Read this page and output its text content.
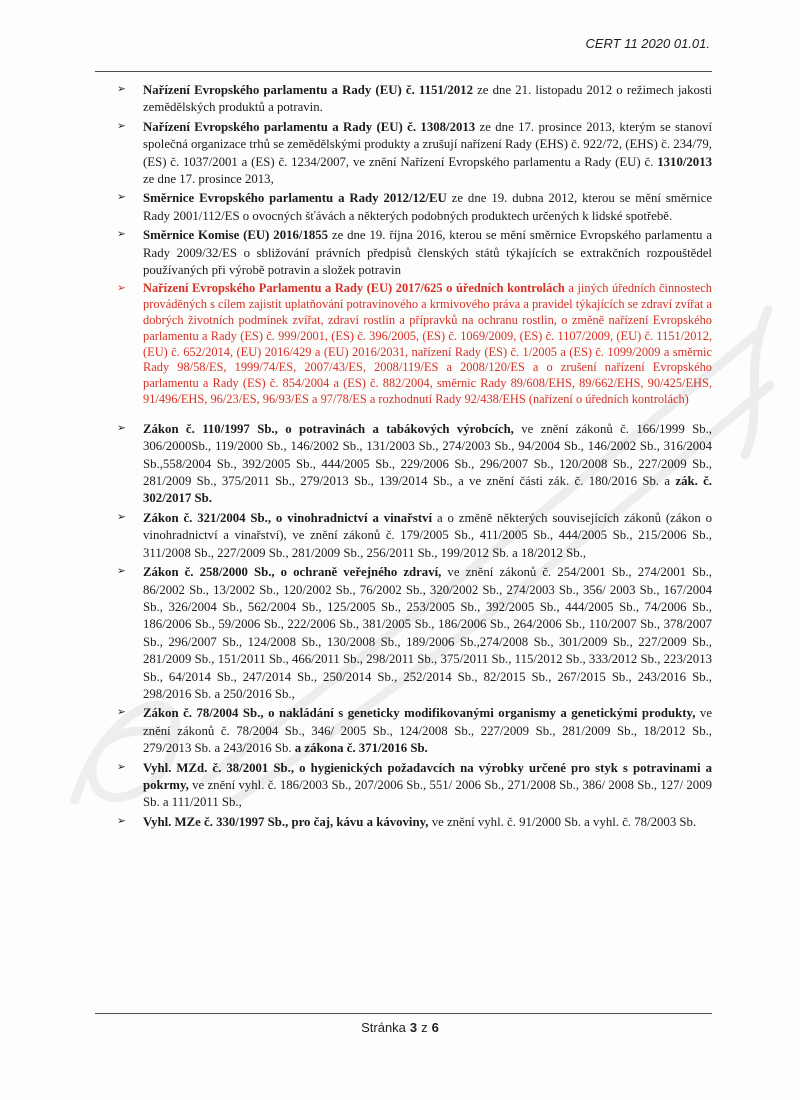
CERT 11 2020 01.01.
➢ Nařízení Evropského parlamentu a Rady (EU) č. 1151/2012 ze dne 21. listopadu 2012 o režimech jakosti zemědělských produktů a potravin.
➢ Nařízení Evropského parlamentu a Rady (EU) č. 1308/2013 ze dne 17. prosince 2013, kterým se stanoví společná organizace trhů se zemědělskými produkty a zrušují nařízení Rady (EHS) č. 922/72, (EHS) č. 234/79, (ES) č. 1037/2001 a (ES) č. 1234/2007, ve znění Nařízení Evropského parlamentu a Rady (EU) č. 1310/2013 ze dne 17. prosince 2013,
➢ Směrnice Evropského parlamentu a Rady 2012/12/EU ze dne 19. dubna 2012, kterou se mění směrnice Rady 2001/112/ES o ovocných šťávách a některých podobných produktech určených k lidské spotřebě.
➢ Směrnice Komise (EU) 2016/1855 ze dne 19. října 2016, kterou se mění směrnice Evropského parlamentu a Rady 2009/32/ES o sbližování právních předpisů členských států týkajících se extrakčních rozpouštědel používaných při výrobě potravin a složek potravin
➢ Nařízení Evropského Parlamentu a Rady (EU) 2017/625 o úředních kontrolách a jiných úředních činnostech prováděných s cílem zajistit uplatňování potravinového a krmivového práva a pravidel týkajících se zdraví zvířat a dobrých životních podmínek zvířat, zdraví rostlin a přípravků na ochranu rostlin, o změně nařízení Evropského parlamentu a Rady (ES) č. 999/2001, (ES) č. 396/2005, (ES) č. 1069/2009, (ES) č. 1107/2009, (EU) č. 1151/2012, (EU) č. 652/2014, (EU) 2016/429 a (EU) 2016/2031, nařízení Rady (ES) č. 1/2005 a (ES) č. 1099/2009 a směrnic Rady 98/58/ES, 1999/74/ES, 2007/43/ES, 2008/119/ES a 2008/120/ES a o zrušení nařízení Evropského parlamentu a Rady (ES) č. 854/2004 a (ES) č. 882/2004, směrnic Rady 89/608/EHS, 89/662/EHS, 90/425/EHS, 91/496/EHS, 96/23/ES, 96/93/ES a 97/78/ES a rozhodnutí Rady 92/438/EHS (nařízení o úředních kontrolách)
➢ Zákon č. 110/1997 Sb., o potravinách a tabákových výrobcích, ve znění zákonů č. 166/1999 Sb., 306/2000Sb., 119/2000 Sb., 146/2002 Sb., 131/2003 Sb., 274/2003 Sb., 94/2004 Sb., 146/2002 Sb., 316/2004 Sb.,558/2004 Sb., 392/2005 Sb., 444/2005 Sb., 229/2006 Sb., 296/2007 Sb., 120/2008 Sb., 227/2009 Sb., 281/2009 Sb., 375/2011 Sb., 279/2013 Sb., 139/2014 Sb., a ve znění části zák. č. 180/2016 Sb. a zák. č. 302/2017 Sb.
➢ Zákon č. 321/2004 Sb., o vinohradnictví a vinařství a o změně některých souvisejících zákonů (zákon o vinohradnictví a vinařství), ve znění zákonů č. 179/2005 Sb., 411/2005 Sb., 444/2005 Sb., 215/2006 Sb., 311/2008 Sb., 227/2009 Sb., 281/2009 Sb., 256/2011 Sb., 199/2012 Sb. a 18/2012 Sb.,
➢ Zákon č. 258/2000 Sb., o ochraně veřejného zdraví, ve znění zákonů č. 254/2001 Sb., 274/2001 Sb., 86/2002 Sb., 13/2002 Sb., 120/2002 Sb., 76/2002 Sb., 320/2002 Sb., 274/2003 Sb., 356/ 2003 Sb., 167/2004 Sb., 326/2004 Sb., 562/2004 Sb., 125/2005 Sb., 253/2005 Sb., 392/2005 Sb., 444/2005 Sb., 74/2006 Sb., 186/2006 Sb., 59/2006 Sb., 222/2006 Sb., 381/2005 Sb., 186/2006 Sb., 264/2006 Sb., 110/2007 Sb., 378/2007 Sb., 296/2007 Sb., 124/2008 Sb., 130/2008 Sb., 189/2006 Sb.,274/2008 Sb., 301/2009 Sb., 227/2009 Sb., 281/2009 Sb., 151/2011 Sb., 466/2011 Sb., 298/2011 Sb., 375/2011 Sb., 115/2012 Sb., 333/2012 Sb., 223/2013 Sb., 64/2014 Sb., 247/2014 Sb., 250/2014 Sb., 252/2014 Sb., 82/2015 Sb., 267/2015 Sb., 243/2016 Sb., 298/2016 Sb. a 250/2016 Sb.,
➢ Zákon č. 78/2004 Sb., o nakládání s geneticky modifikovanými organismy a genetickými produkty, ve znění zákonů č. 78/2004 Sb., 346/ 2005 Sb., 124/2008 Sb., 227/2009 Sb., 281/2009 Sb., 18/2012 Sb., 279/2013 Sb. a 243/2016 Sb. a zákona č. 371/2016 Sb.
➢ Vyhl. MZd. č. 38/2001 Sb., o hygienických požadavcích na výrobky určené pro styk s potravinami a pokrmy, ve znění vyhl. č. 186/2003 Sb., 207/2006 Sb., 551/ 2006 Sb., 271/2008 Sb., 386/ 2008 Sb., 127/ 2009 Sb. a 111/2011 Sb.,
➢ Vyhl. MZe č. 330/1997 Sb., pro čaj, kávu a kávoviny, ve znění vyhl. č. 91/2000 Sb. a vyhl. č. 78/2003 Sb.
Stránka 3 z 6
